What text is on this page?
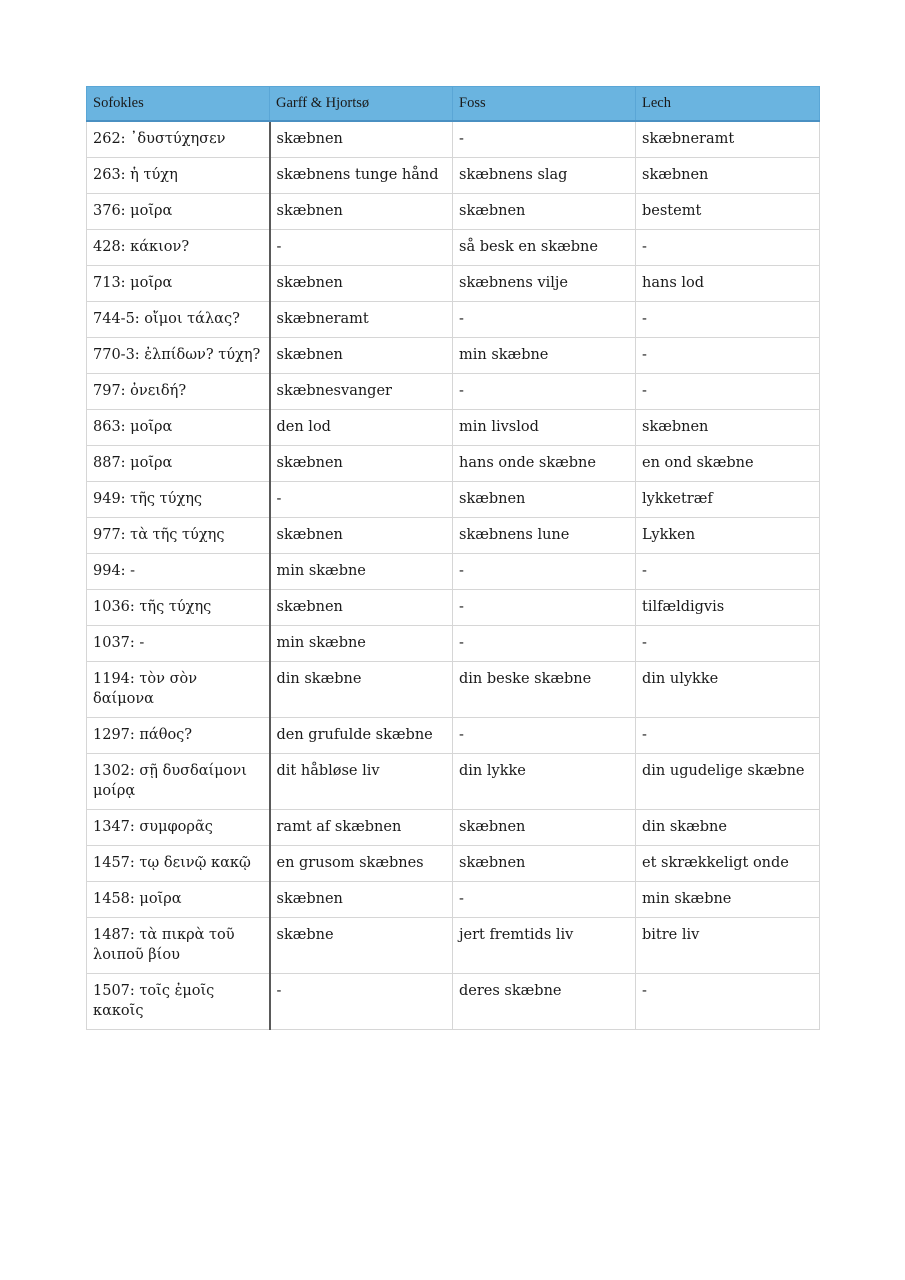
Sofokles	Garff & Hjortsø	Foss	Lech
262: ᾽δυστύχησεν	skæbnen	-	skæbneramt
263: ἡ τύχη	skæbnens tunge hånd	skæbnens slag	skæbnen
376: μοῖρα	skæbnen	skæbnen	bestemt
428: κάκιον?	-	så besk en skæbne	-
713: μοῖρα	skæbnen	skæbnens vilje	hans lod
744-5: οἴμοι τάλας?	skæbneramt	-	-
770-3: ἐλπίδων? τύχη?	skæbnen	min skæbne	-
797: ὀνειδή?	skæbnesvanger	-	-
863: μοῖρα	den lod	min livslod	skæbnen
887: μοῖρα	skæbnen	hans onde skæbne	en ond skæbne
949: τῆς τύχης	-	skæbnen	lykketræf
977: τὰ τῆς τύχης	skæbnen	skæbnens lune	Lykken
994: -	min skæbne	-	-
1036: τῆς τύχης	skæbnen	-	tilfældigvis
1037: -	min skæbne	-	-
1194: τὸν σὸν δαίμονα	din skæbne	din beske skæbne	din ulykke
1297: πάθος?	den grufulde skæbne	-	-
1302: σῇ δυσδαίμονι μοίρᾳ	dit håbløse liv	din lykke	din ugudelige skæbne
1347: συμφορᾶς	ramt af skæbnen	skæbnen	din skæbne
1457: τῳ δεινῷ κακῷ	en grusom skæbnes	skæbnen	et skrækkeligt onde
1458: μοῖρα	skæbnen	-	min skæbne
1487: τὰ πικρὰ τοῦ λοιποῦ βίου	skæbne	jert fremtids liv	bitre liv
1507: τοῖς ἐμοῖς κακοῖς	-	deres skæbne	-
